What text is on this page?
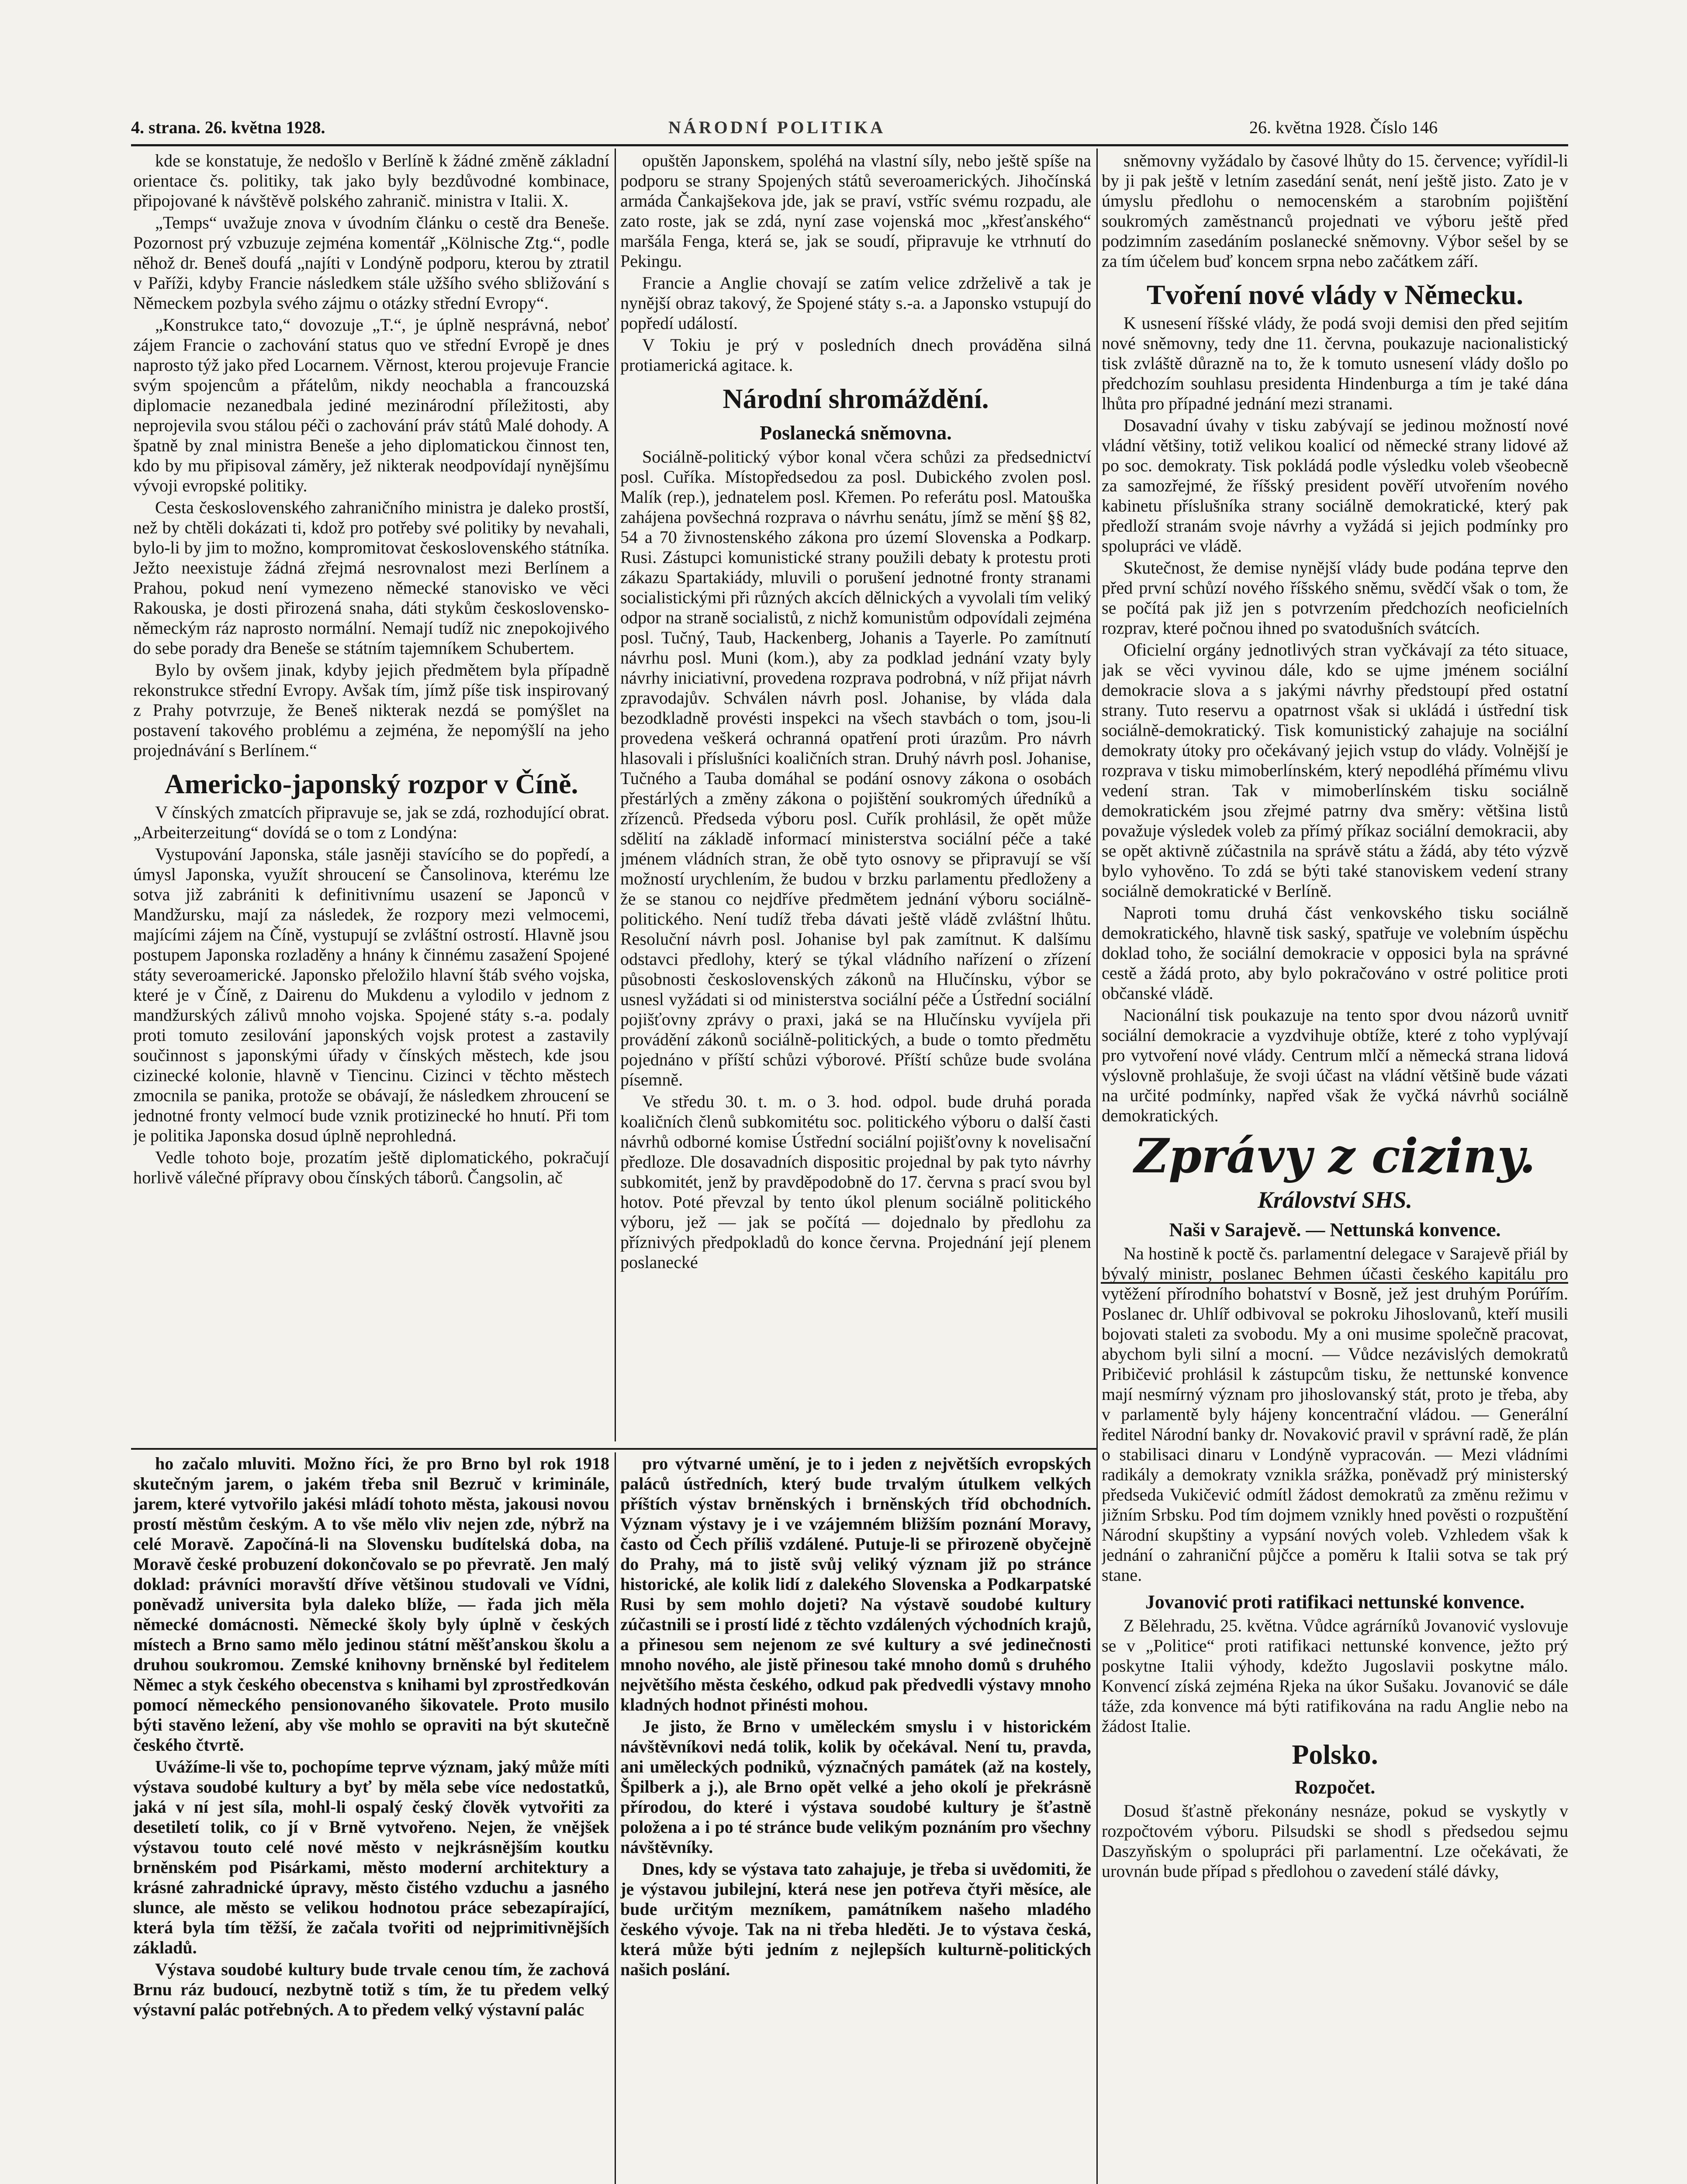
4. strana. 26. května 1928.	NÁRODNÍ POLITIKA	26. května 1928. Číslo 146

kde se konstatuje, že nedošlo v Berlíně k žádné změně základní orientace čs. politiky, tak jako byly bezdůvodné kombinace, připojované k návštěvě polského zahranič. ministra v Italii. X.

„Temps“ uvažuje znova v úvodním článku o cestě dra Beneše. Pozornost prý vzbuzuje zejména komentář „Kölnische Ztg.“, podle něhož dr. Beneš doufá „najíti v Londýně podporu, kterou by ztratil v Paříži, kdyby Francie následkem stále užšího svého sbližování s Německem pozbyla svého zájmu o otázky střední Evropy“.

„Konstrukce tato,“ dovozuje „T.“, je úplně nesprávná, neboť zájem Francie o zachování status quo ve střední Evropě je dnes naprosto týž jako před Locarnem. Věrnost, kterou projevuje Francie svým spojencům a přátelům, nikdy neochabla a francouzská diplomacie nezanedbala jediné mezinárodní příležitosti, aby neprojevila svou stálou péči o zachování práv států Malé dohody. A špatně by znal ministra Beneše a jeho diplomatickou činnost ten, kdo by mu připisoval záměry, jež nikterak neodpovídají nynějšímu vývoji evropské politiky.

Cesta československého zahraničního ministra je daleko prostší, než by chtěli dokázati ti, kdož pro potřeby své politiky by nevahali, bylo-li by jim to možno, kompromitovat československého státníka. Ježto neexistuje žádná zřejmá nesrovnalost mezi Berlínem a Prahou, pokud není vymezeno německé stanovisko ve věci Rakouska, je dosti přirozená snaha, dáti stykům československo-německým ráz naprosto normální. Nemají tudíž nic znepokojivého do sebe porady dra Beneše se státním tajemníkem Schubertem.

Bylo by ovšem jinak, kdyby jejich předmětem byla případně rekonstrukce střední Evropy. Avšak tím, jímž píše tisk inspirovaný z Prahy potvrzuje, že Beneš nikterak nezdá se pomýšlet na postavení takového problému a zejména, že nepomýšlí na jeho projednávání s Berlínem.“

Americko-japonský rozpor v Číně.

V čínských zmatcích připravuje se, jak se zdá, rozhodující obrat. „Arbeiterzeitung“ dovídá se o tom z Londýna:

Vystupování Japonska, stále jasněji stavícího se do popředí, a úmysl Japonska, využít shroucení se Čansolinova, kterému lze sotva již zabrániti k definitivnímu usazení se Japonců v Mandžursku, mají za následek, že rozpory mezi velmocemi, majícími zájem na Číně, vystupují se zvláštní ostrostí. Hlavně jsou postupem Japonska rozladěny a hnány k činnému zasažení Spojené státy severoamerické. Japonsko přeložilo hlavní štáb svého vojska, které je v Číně, z Dairenu do Mukdenu a vylodilo v jednom z mandžurských zálivů mnoho vojska. Spojené státy s.-a. podaly proti tomuto zesilování japonských vojsk protest a zastavily součinnost s japonskými úřady v čínských městech, kde jsou cizinecké kolonie, hlavně v Tiencinu. Cizinci v těchto městech zmocnila se panika, protože se obávají, že následkem zhroucení se jednotné fronty velmocí bude vznik protizinecké ho hnutí. Při tom je politika Japonska dosud úplně neprohledná.

Vedle tohoto boje, prozatím ještě diplomatického, pokračují horlivě válečné přípravy obou čínských táborů. Čangsolin, ač

opuštěn Japonskem, spoléhá na vlastní síly, nebo ještě spíše na podporu se strany Spojených států severoamerických. Jihočínská armáda Čankajšekova jde, jak se praví, vstříc svému rozpadu, ale zato roste, jak se zdá, nyní zase vojenská moc „křesťanského“ maršála Fenga, která se, jak se soudí, připravuje ke vtrhnutí do Pekingu.

Francie a Anglie chovají se zatím velice zdrželivě a tak je nynější obraz takový, že Spojené státy s.-a. a Japonsko vstupují do popředí událostí.

V Tokiu je prý v posledních dnech prováděna silná protiamerická agitace. k.

Národní shromáždění.
Poslanecká sněmovna.

Sociálně-politický výbor konal včera schůzi za předsednictví posl. Cuříka. Místopředsedou za posl. Dubického zvolen posl. Malík (rep.), jednatelem posl. Křemen. Po referátu posl. Matouška zahájena povšechná rozprava o návrhu senátu, jímž se mění §§ 82, 54 a 70 živnostenského zákona pro území Slovenska a Podkarp. Rusi. Zástupci komunistické strany použili debaty k protestu proti zákazu Spartakiády, mluvili o porušení jednotné fronty stranami socialistickými při různých akcích dělnických a vyvolali tím veliký odpor na straně socialistů, z nichž komunistům odpovídali zejména posl. Tučný, Taub, Hackenberg, Johanis a Tayerle. Po zamítnutí návrhu posl. Muni (kom.), aby za podklad jednání vzaty byly návrhy iniciativní, provedena rozprava podrobná, v níž přijat návrh zpravodajův. Schválen návrh posl. Johanise, by vláda dala bezodkladně provésti inspekci na všech stavbách o tom, jsou-li provedena veškerá ochranná opatření proti úrazům. Pro návrh hlasovali i příslušníci koaličních stran. Druhý návrh posl. Johanise, Tučného a Tauba domáhal se podání osnovy zákona o osobách přestárlých a změny zákona o pojištění soukromých úředníků a zřízenců. Předseda výboru posl. Cuřík prohlásil, že opět může sdělití na základě informací ministerstva sociální péče a také jménem vládních stran, že obě tyto osnovy se připravují se vší možností urychlením, že budou v brzku parlamentu předloženy a že se stanou co nejdříve předmětem jednání výboru sociálně-politického. Není tudíž třeba dávati ještě vládě zvláštní lhůtu. Resoluční návrh posl. Johanise byl pak zamítnut. K dalšímu odstavci předlohy, který se týkal vládního nařízení o zřízení působnosti československých zákonů na Hlučínsku, výbor se usnesl vyžádati si od ministerstva sociální péče a Ústřední sociální pojišťovny zprávy o praxi, jaká se na Hlučínsku vyvíjela při provádění zákonů sociálně-politických, a bude o tomto předmětu pojednáno v příští schůzi výborové. Příští schůze bude svolána písemně.

Ve středu 30. t. m. o 3. hod. odpol. bude druhá porada koaličních členů subkomitétu soc. politického výboru o další časti návrhů odborné komise Ústřední sociální pojišťovny k novelisační předloze. Dle dosavadních dispositic projednal by pak tyto návrhy subkomitét, jenž by pravděpodobně do 17. června s prací svou byl hotov. Poté převzal by tento úkol plenum sociálně politického výboru, jež — jak se počítá — dojednalo by předlohu za příznivých předpokladů do konce června. Projednání její plenem poslanecké

sněmovny vyžádalo by časové lhůty do 15. července; vyřídil-li by ji pak ještě v letním zasedání senát, není ještě jisto. Zato je v úmyslu předlohu o nemocenském a starobním pojištění soukromých zaměstnanců projednati ve výboru ještě před podzimním zasedáním poslanecké sněmovny. Výbor sešel by se za tím účelem buď koncem srpna nebo začátkem září.

Tvoření nové vlády v Německu.

K usnesení říšské vlády, že podá svoji demisi den před sejitím nové sněmovny, tedy dne 11. června, poukazuje nacionalistický tisk zvláště důrazně na to, že k tomuto usnesení vlády došlo po předchozím souhlasu presidenta Hindenburga a tím je také dána lhůta pro případné jednání mezi stranami.

Dosavadní úvahy v tisku zabývají se jedinou možností nové vládní většiny, totiž velikou koalicí od německé strany lidové až po soc. demokraty. Tisk pokládá podle výsledku voleb všeobecně za samozřejmé, že říšský president pověří utvořením nového kabinetu příslušníka strany sociálně demokratické, který pak předloží stranám svoje návrhy a vyžádá si jejich podmínky pro spolupráci ve vládě.

Skutečnost, že demise nynější vlády bude podána teprve den před první schůzí nového říšského sněmu, svědčí však o tom, že se počítá pak již jen s potvrzením předchozích neoficielních rozprav, které počnou ihned po svatodušních svátcích.

Oficielní orgány jednotlivých stran vyčkávají za této situace, jak se věci vyvinou dále, kdo se ujme jménem sociální demokracie slova a s jakými návrhy předstoupí před ostatní strany. Tuto reservu a opatrnost však si ukládá i ústřední tisk sociálně-demokratický. Tisk komunistický zahajuje na sociální demokraty útoky pro očekávaný jejich vstup do vlády. Volnější je rozprava v tisku mimoberlínském, který nepodléhá přímému vlivu vedení stran. Tak v mimoberlínském tisku sociálně demokratickém jsou zřejmé patrny dva směry: většina listů považuje výsledek voleb za přímý příkaz sociální demokracii, aby se opět aktivně zúčastnila na správě státu a žádá, aby této výzvě bylo vyhověno. To zdá se býti také stanoviskem vedení strany sociálně demokratické v Berlíně.

Naproti tomu druhá část venkovského tisku sociálně demokratického, hlavně tisk saský, spatřuje ve volebním úspěchu doklad toho, že sociální demokracie v opposici byla na správné cestě a žádá proto, aby bylo pokračováno v ostré politice proti občanské vládě.

Nacionální tisk poukazuje na tento spor dvou názorů uvnitř sociální demokracie a vyzdvihuje obtíže, které z toho vyplývají pro vytvoření nové vlády. Centrum mlčí a německá strana lidová výslovně prohlašuje, že svoji účast na vládní většině bude vázati na určité podmínky, napřed však že vyčká návrhů sociálně demokratických.

Zprávy z ciziny.
Království SHS.
Naši v Sarajevě. — Nettunská konvence.

Na hostině k poctě čs. parlamentní delegace v Sarajevě přiál by bývalý ministr, poslanec Behmen účasti českého kapitálu pro vytěžení přírodního bohatství v Bosně, jež jest druhým Porúřím. Poslanec dr. Uhlíř odbivoval se pokroku Jihoslovanů, kteří musili bojovati staleti za svobodu. My a oni musime společně pracovat, abychom byli silní a mocní. — Vůdce nezávislých demokratů Pribičević prohlásil k zástupcům tisku, že nettunské konvence mají nesmírný význam pro jihoslovanský stát, proto je třeba, aby v parlamentě byly hájeny koncentrační vládou. — Generální ředitel Národní banky dr. Novaković pravil v správní radě, že plán o stabilisaci dinaru v Londýně vypracován. — Mezi vládními radikály a demokraty vznikla srážka, poněvadž prý ministerský předseda Vukičević odmítl žádost demokratů za změnu režimu v jižním Srbsku. Pod tím dojmem vznikly hned pověsti o rozpuštění Národní skupštiny a vypsání nových voleb. Vzhledem však k jednání o zahraniční půjčce a poměru k Italii sotva se tak prý stane.

Jovanović proti ratifikaci nettunské konvence.

Z Bělehradu, 25. května. Vůdce agrárníků Jovanović vyslovuje se v „Politice“ proti ratifikaci nettunské konvence, ježto prý poskytne Italii výhody, kdežto Jugoslavii poskytne málo. Konvencí získá zejména Rjeka na úkor Sušaku. Jovanović se dále táže, zda konvence má býti ratifikována na radu Anglie nebo na žádost Italie.

Polsko.
Rozpočet.

Dosud šťastně překonány nesnáze, pokud se vyskytly v rozpočtovém výboru. Pilsudski se shodl s předsedou sejmu Daszyňským o spolupráci při parlamentní. Lze očekávati, že urovnán bude případ s předlohou o zavedení stálé dávky,

ho začalo mluviti. Možno říci, že pro Brno byl rok 1918 skutečným jarem, o jakém třeba snil Bezruč v kriminále, jarem, které vytvořilo jakési mládí tohoto města, jakousi novou prostí městům českým. A to vše mělo vliv nejen zde, nýbrž na celé Moravě. Započíná-li na Slovensku budítelská doba, na Moravě české probuzení dokončovalo se po převratě. Jen malý doklad: právníci moravští dříve většinou studovali ve Vídni, poněvadž universita byla daleko blíže, — řada jich měla německé domácnosti. Německé školy byly úplně v českých místech a Brno samo mělo jedinou státní měšťanskou školu a druhou soukromou. Zemské knihovny brněnské byl ředitelem Němec a styk českého obecenstva s knihami byl zprostředkován pomocí německého pensionovaného šikovatele. Proto musilo býti stavěno ležení, aby vše mohlo se opraviti na být skutečně českého čtvrtě.

Uvážíme-li vše to, pochopíme teprve význam, jaký může míti výstava soudobé kultury a byť by měla sebe více nedostatků, jaká v ní jest síla, mohl-li ospalý český člověk vytvořiti za desetiletí tolik, co jí v Brně vytvořeno. Nejen, že vnějšek výstavou touto celé nové město v nejkrásnějším koutku brněnském pod Pisárkami, město moderní architektury a krásné zahradnické úpravy, město čistého vzduchu a jasného slunce, ale město se velikou hodnotou práce sebezapírající, která byla tím těžší, že začala tvořiti od nejprimitivnějších základů.

Výstava soudobé kultury bude trvale cenou tím, že zachová Brnu ráz budoucí, nezbytně totiž s tím, že tu předem velký výstavní palác potřebných. A to předem velký výstavní palác

pro výtvarné umění, je to i jeden z největších evropských paláců ústředních, který bude trvalým útulkem velkých příštích výstav brněnských i brněnských tříd obchodních. Význam výstavy je i ve vzájemném bližším poznání Moravy, často od Čech příliš vzdálené. Putuje-li se přirozeně obyčejně do Prahy, má to jistě svůj veliký význam již po stránce historické, ale kolik lidí z dalekého Slovenska a Podkarpatské Rusi by sem mohlo dojeti? Na výstavě soudobé kultury zúčastnili se i prostí lidé z těchto vzdálených východních krajů, a přinesou sem nejenom ze své kultury a své jedinečnosti mnoho nového, ale jistě přinesou také mnoho domů s druhého největšího města českého, odkud pak předvedli výstavy mnoho kladných hodnot přinésti mohou.

Je jisto, že Brno v uměleckém smyslu i v historickém návštěvníkovi nedá tolik, kolik by očekával. Není tu, pravda, ani uměleckých podniků, význačných památek (až na kostely, Špilberk a j.), ale Brno opět velké a jeho okolí je překrásně přírodou, do které i výstava soudobé kultury je šťastně položena a i po té stránce bude velikým poznáním pro všechny návštěvníky.

Dnes, kdy se výstava tato zahajuje, je třeba si uvědomiti, že je výstavou jubilejní, která nese jen potřeva čtyři měsíce, ale bude určitým mezníkem, památníkem našeho mladého českého vývoje. Tak na ni třeba hleděti. Je to výstava česká, která může býti jedním z nejlepších kulturně-politických našich poslání.
